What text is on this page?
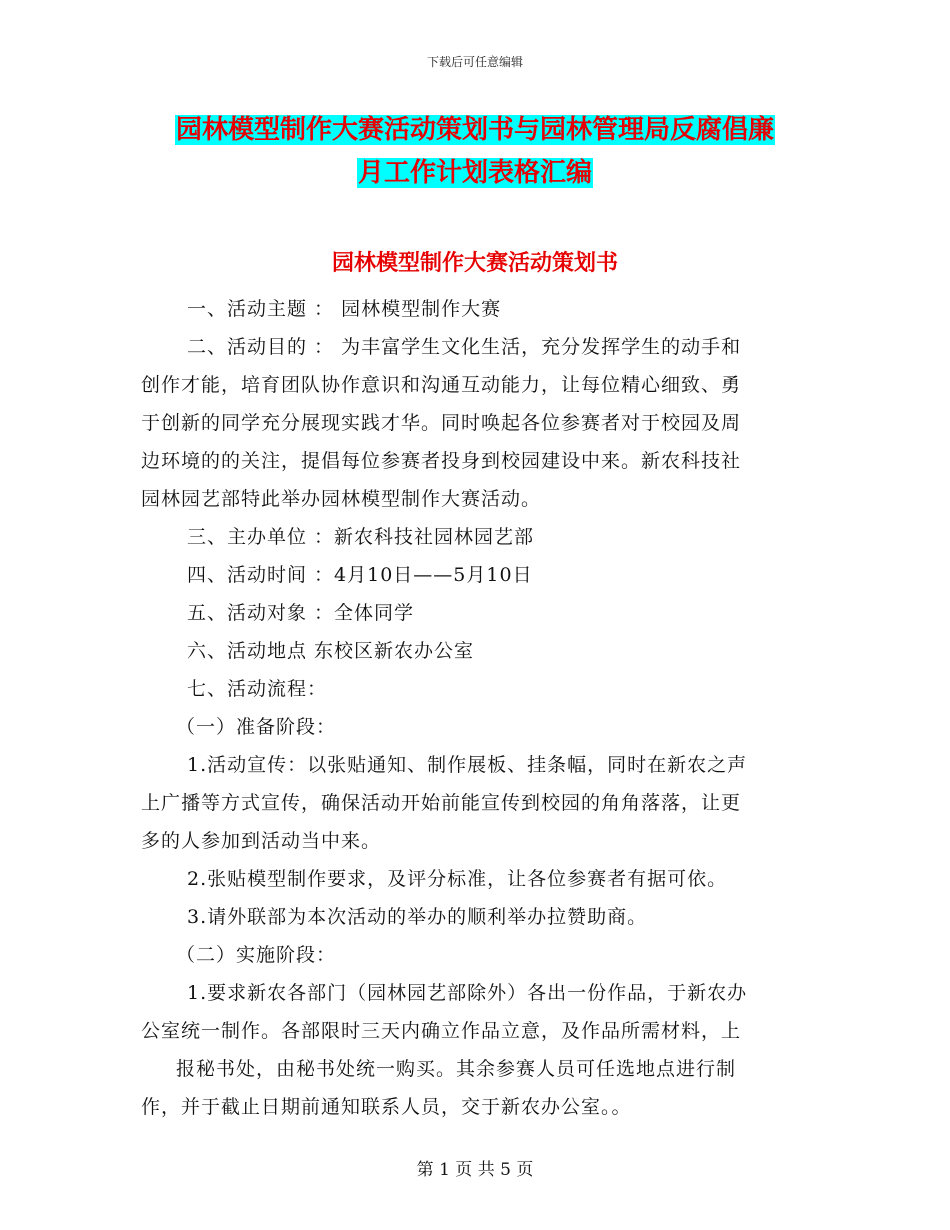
下载后可任意编辑
园林模型制作大赛活动策划书与园林管理局反腐倡廉
月工作计划表格汇编
园林模型制作大赛活动策划书
一、活动主题 ： 园林模型制作大赛
二、活动目的 ： 为丰富学生文化生活，充分发挥学生的动手和
创作才能，培育团队协作意识和沟通互动能力，让每位精心细致、勇
于创新的同学充分展现实践才华。同时唤起各位参赛者对于校园及周
边环境的的关注，提倡每位参赛者投身到校园建设中来。新农科技社
园林园艺部特此举办园林模型制作大赛活动。
三、主办单位 ：新农科技社园林园艺部
四、活动时间 ：4月10日——5月10日
五、活动对象 ：全体同学
六、活动地点 东校区新农办公室
七、活动流程：
（一）准备阶段：
1.活动宣传：以张贴通知、制作展板、挂条幅，同时在新农之声
上广播等方式宣传，确保活动开始前能宣传到校园的角角落落，让更
多的人参加到活动当中来。
2.张贴模型制作要求，及评分标准，让各位参赛者有据可依。
3.请外联部为本次活动的举办的顺利举办拉赞助商。
（二）实施阶段：
1.要求新农各部门（园林园艺部除外）各出一份作品，于新农办
公室统一制作。各部限时三天内确立作品立意，及作品所需材料，上
报秘书处，由秘书处统一购买。其余参赛人员可任选地点进行制
作，并于截止日期前通知联系人员，交于新农办公室。。
第 1 页 共 5 页
